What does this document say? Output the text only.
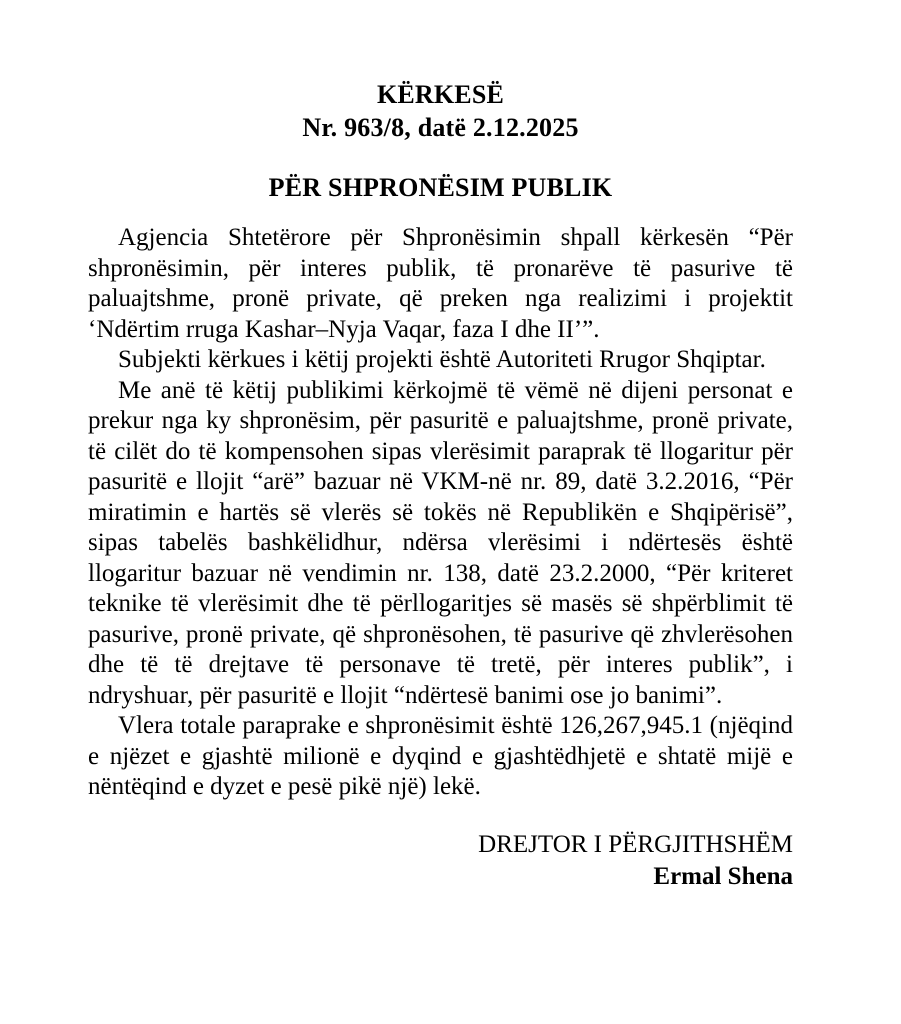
KËRKESË
Nr. 963/8, datë 2.12.2025
PËR SHPRONËSIM PUBLIK

Agjencia Shtetërore për Shpronësimin shpall kërkesën “Për shpronësimin, për interes publik, të pronarëve të pasurive të paluajtshme, pronë private, që preken nga realizimi i projektit ‘Ndërtim rruga Kashar–Nyja Vaqar, faza I dhe II’”.

Subjekti kërkues i këtij projekti është Autoriteti Rrugor Shqiptar.

Me anë të këtij publikimi kërkojmë të vëmë në dijeni personat e prekur nga ky shpronësim, për pasuritë e paluajtshme, pronë private, të cilët do të kompensohen sipas vlerësimit paraprak të llogaritur për pasuritë e llojit “arë” bazuar në VKM-në nr. 89, datë 3.2.2016, “Për miratimin e hartës së vlerës së tokës në Republikën e Shqipërisë”, sipas tabelës bashkëlidhur, ndërsa vlerësimi i ndërtesës është llogaritur bazuar në vendimin nr. 138, datë 23.2.2000, “Për kriteret teknike të vlerësimit dhe të përllogaritjes së masës së shpërblimit të pasurive, pronë private, që shpronësohen, të pasurive që zhvlerësohen dhe të të drejtave të personave të tretë, për interes publik”, i ndryshuar, për pasuritë e llojit “ndërtesë banimi ose jo banimi”.

Vlera totale paraprake e shpronësimit është 126,267,945.1 (njëqind e njëzet e gjashtë milionë e dyqind e gjashtëdhjetë e shtatë mijë e nëntëqind e dyzet e pesë pikë një) lekë.

DREJTOR I PËRGJITHSHËM
Ermal Shena
